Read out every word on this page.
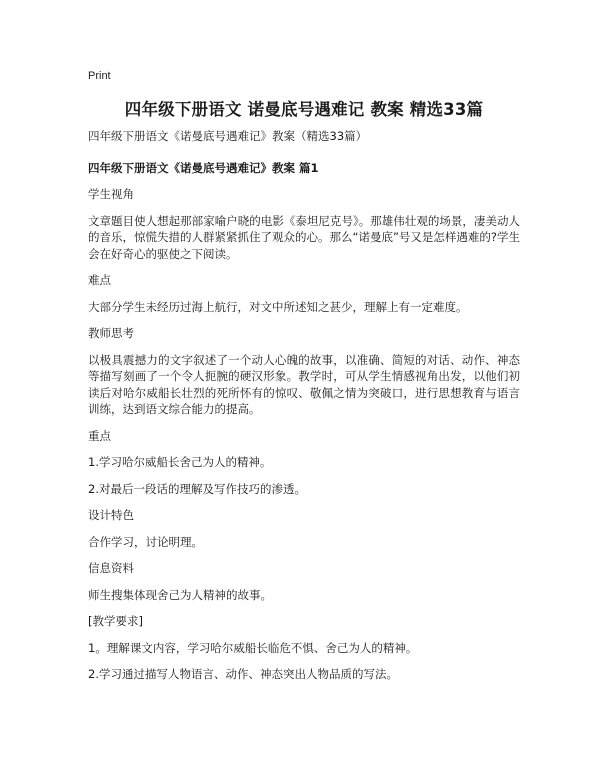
Print
四年级下册语文 诺曼底号遇难记 教案 精选33篇
四年级下册语文《诺曼底号遇难记》教案（精选33篇）
四年级下册语文《诺曼底号遇难记》教案 篇1
学生视角
文章题目使人想起那部家喻户晓的电影《泰坦尼克号》。那雄伟壮观的场景，凄美动人的音乐，惊慌失措的人群紧紧抓住了观众的心。那么“诺曼底”号又是怎样遇难的?学生会在好奇心的驱使之下阅读。
难点
大部分学生未经历过海上航行，对文中所述知之甚少，理解上有一定难度。
教师思考
以极具震撼力的文字叙述了一个动人心魄的故事，以准确、简短的对话、动作、神态等描写刻画了一个令人扼腕的硬汉形象。教学时，可从学生情感视角出发，以他们初读后对哈尔威船长壮烈的死所怀有的惊叹、敬佩之情为突破口，进行思想教育与语言训练，达到语文综合能力的提高。
重点
1.学习哈尔威船长舍己为人的精神。
2.对最后一段话的理解及写作技巧的渗透。
设计特色
合作学习，讨论明理。
信息资料
师生搜集体现舍己为人精神的故事。
[教学要求]
1。理解课文内容，学习哈尔威船长临危不惧、舍己为人的精神。
2.学习通过描写人物语言、动作、神态突出人物品质的写法。
